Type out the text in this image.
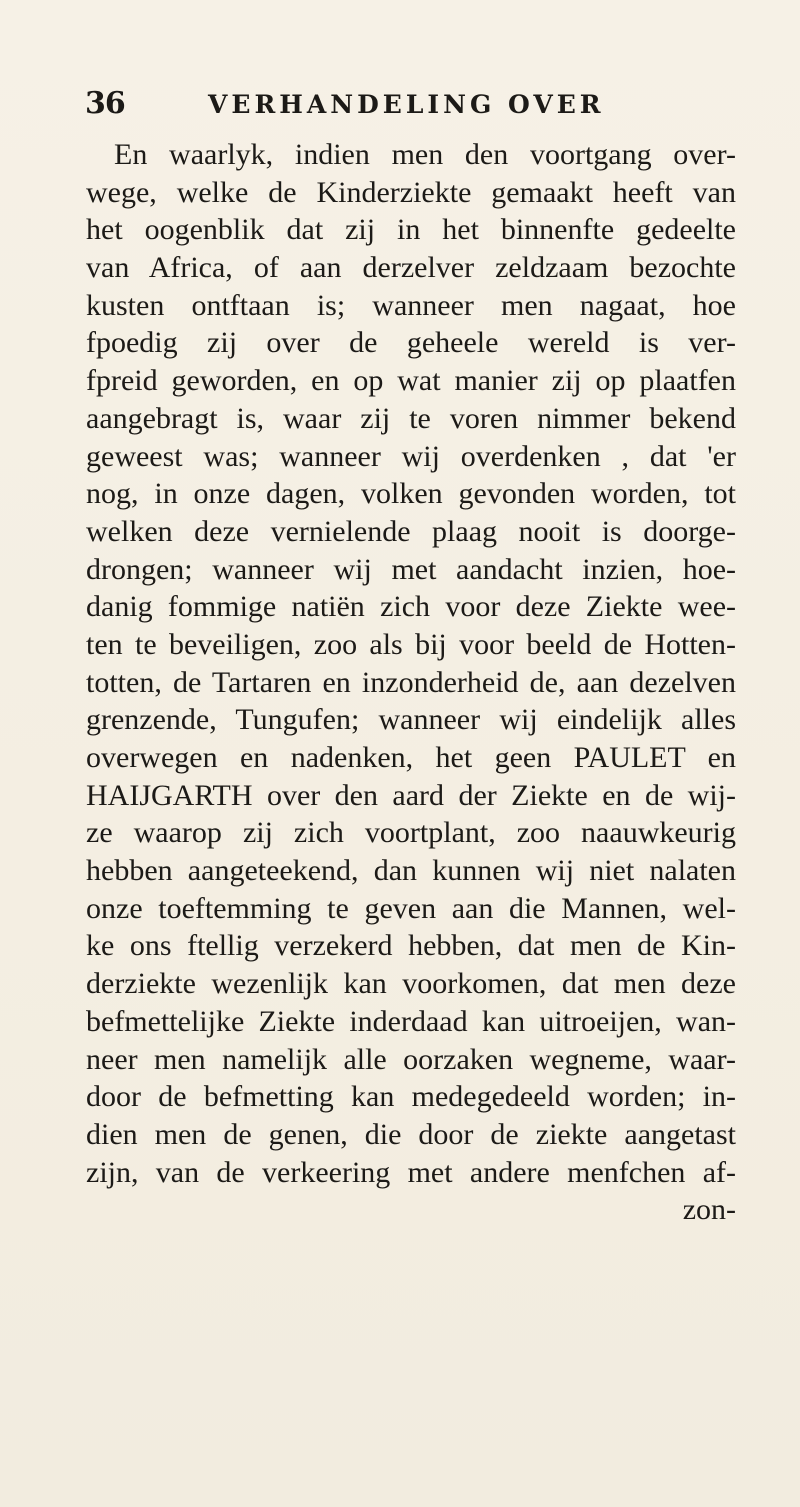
36	VERHANDELING OVER
En waarlyk, indien men den voortgang over-
wege, welke de Kinderziekte gemaakt heeft van
het oogenblik dat zij in het binnenfte gedeelte
van Africa, of aan derzelver zeldzaam bezochte
kusten ontftaan is; wanneer men nagaat, hoe
fpoedig zij over de geheele wereld is ver-
fpreid geworden, en op wat manier zij op plaatfen
aangebragt is, waar zij te voren nimmer bekend
geweest was; wanneer wij overdenken , dat 'er
nog, in onze dagen, volken gevonden worden, tot
welken deze vernielende plaag nooit is doorge-
drongen; wanneer wij met aandacht inzien, hoe-
danig fommige natiën zich voor deze Ziekte wee-
ten te beveiligen, zoo als bij voor beeld de Hotten-
totten, de Tartaren en inzonderheid de, aan dezelven
grenzende, Tungufen; wanneer wij eindelijk alles
overwegen en nadenken, het geen PAULET en
HAIJGARTH over den aard der Ziekte en de wij-
ze waarop zij zich voortplant, zoo naauwkeurig
hebben aangeteekend, dan kunnen wij niet nalaten
onze toeftemming te geven aan die Mannen, wel-
ke ons ftellig verzekerd hebben, dat men de Kin-
derziekte wezenlijk kan voorkomen, dat men deze
befmettelijke Ziekte inderdaad kan uitroeijen, wan-
neer men namelijk alle oorzaken wegneme, waar-
door de befmetting kan medegedeeld worden; in-
dien men de genen, die door de ziekte aangetast
zijn, van de verkeering met andere menfchen af-
zon-
